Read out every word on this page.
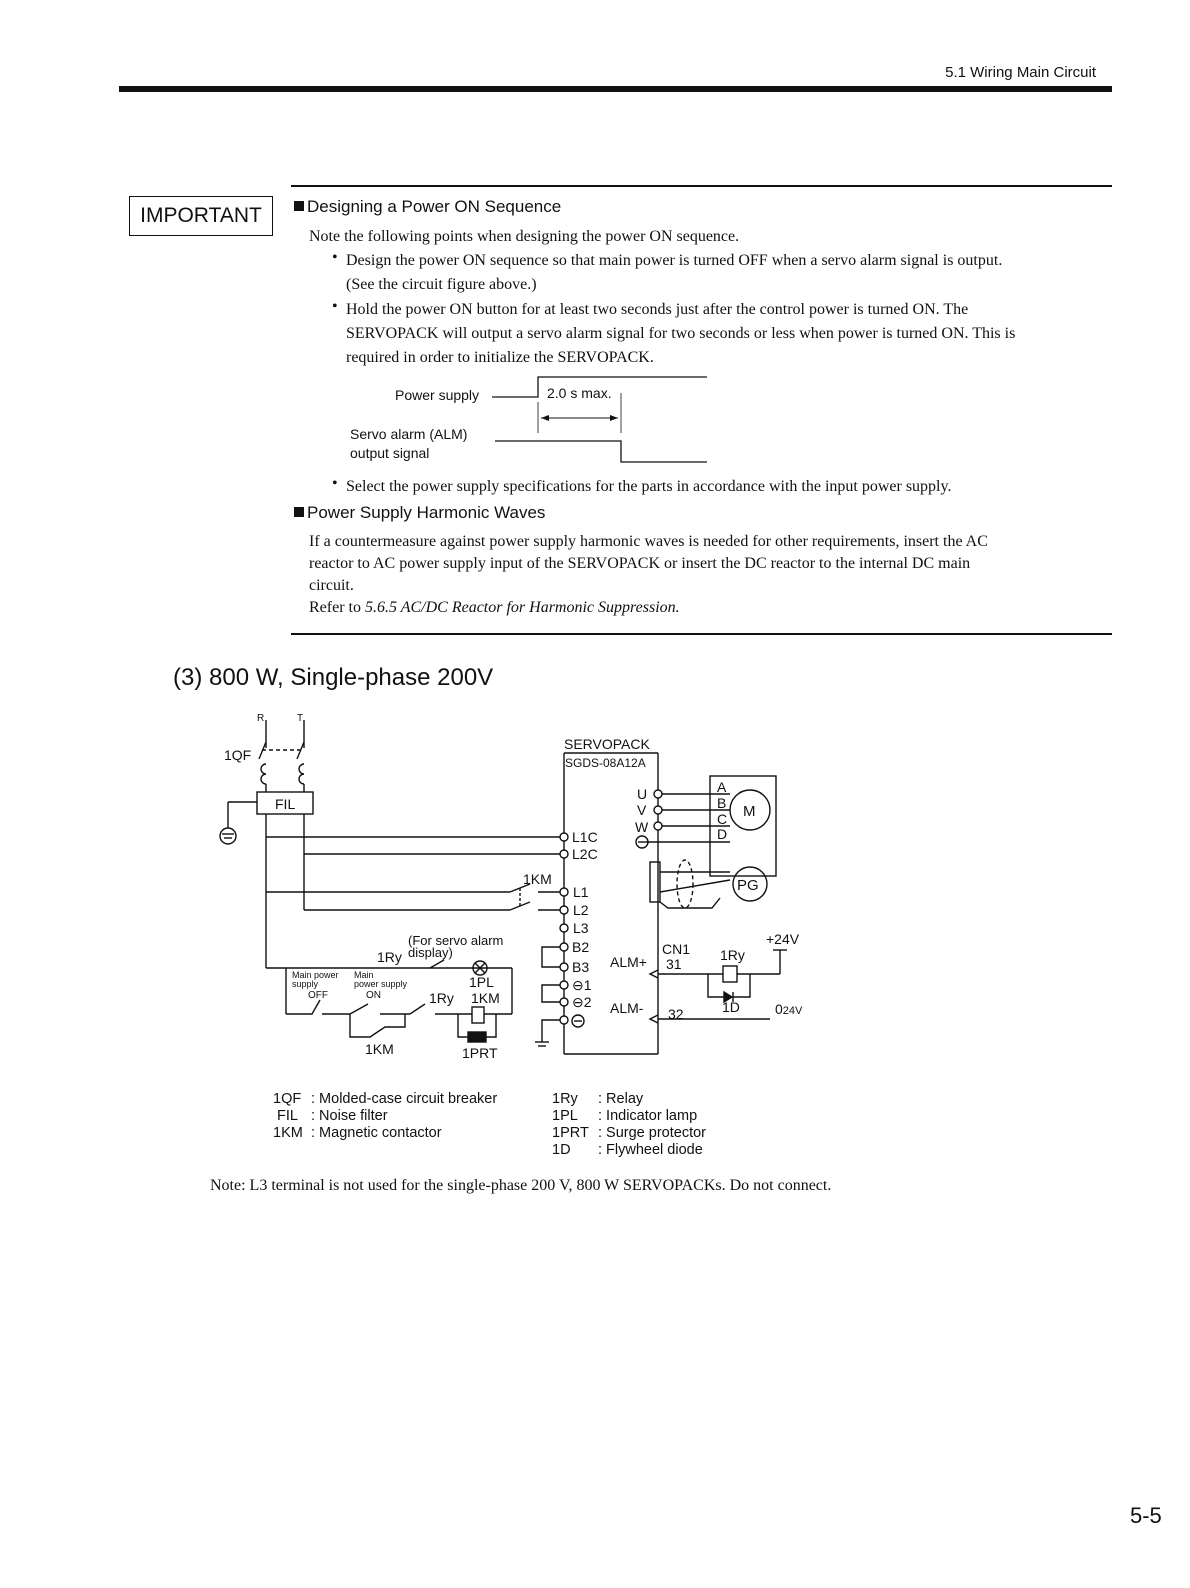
5.1 Wiring Main Circuit
IMPORTANT	Designing a Power ON Sequence
Note the following points when designing the power ON sequence.
• Design the power ON sequence so that main power is turned OFF when a servo alarm signal is output.
(See the circuit figure above.)
• Hold the power ON button for at least two seconds just after the control power is turned ON. The
SERVOPACK will output a servo alarm signal for two seconds or less when power is turned ON. This is
required in order to initialize the SERVOPACK.
Power supply	2.0 s max.
Servo alarm (ALM)
output signal
• Select the power supply specifications for the parts in accordance with the input power supply.
Power Supply Harmonic Waves
If a countermeasure against power supply harmonic waves is needed for other requirements, insert the AC
reactor to AC power supply input of the SERVOPACK or insert the DC reactor to the internal DC main
circuit.
Refer to 5.6.5 AC/DC Reactor for Harmonic Suppression.
(3) 800 W, Single-phase 200V
R	T
1QF
FIL
1KM
SERVOPACK
SGDS-08A12A
L1C
L2C
L1
L2
L3
B2
B3
⊖1
⊖2
U
V
W
A
B
C
D
M
PG
(For servo alarm
display)
1Ry
1PL
1KM
Main power
supply
OFF
Main
power supply
ON	1Ry
1KM	1PRT
ALM+
ALM-
CN1
31
32
1Ry
1D
+24V
024V
1QF : Molded-case circuit breaker
FIL : Noise filter
1KM : Magnetic contactor
1Ry : Relay
1PL : Indicator lamp
1PRT : Surge protector
1D : Flywheel diode
Note: L3 terminal is not used for the single-phase 200 V, 800 W SERVOPACKs. Do not connect.
5-5
